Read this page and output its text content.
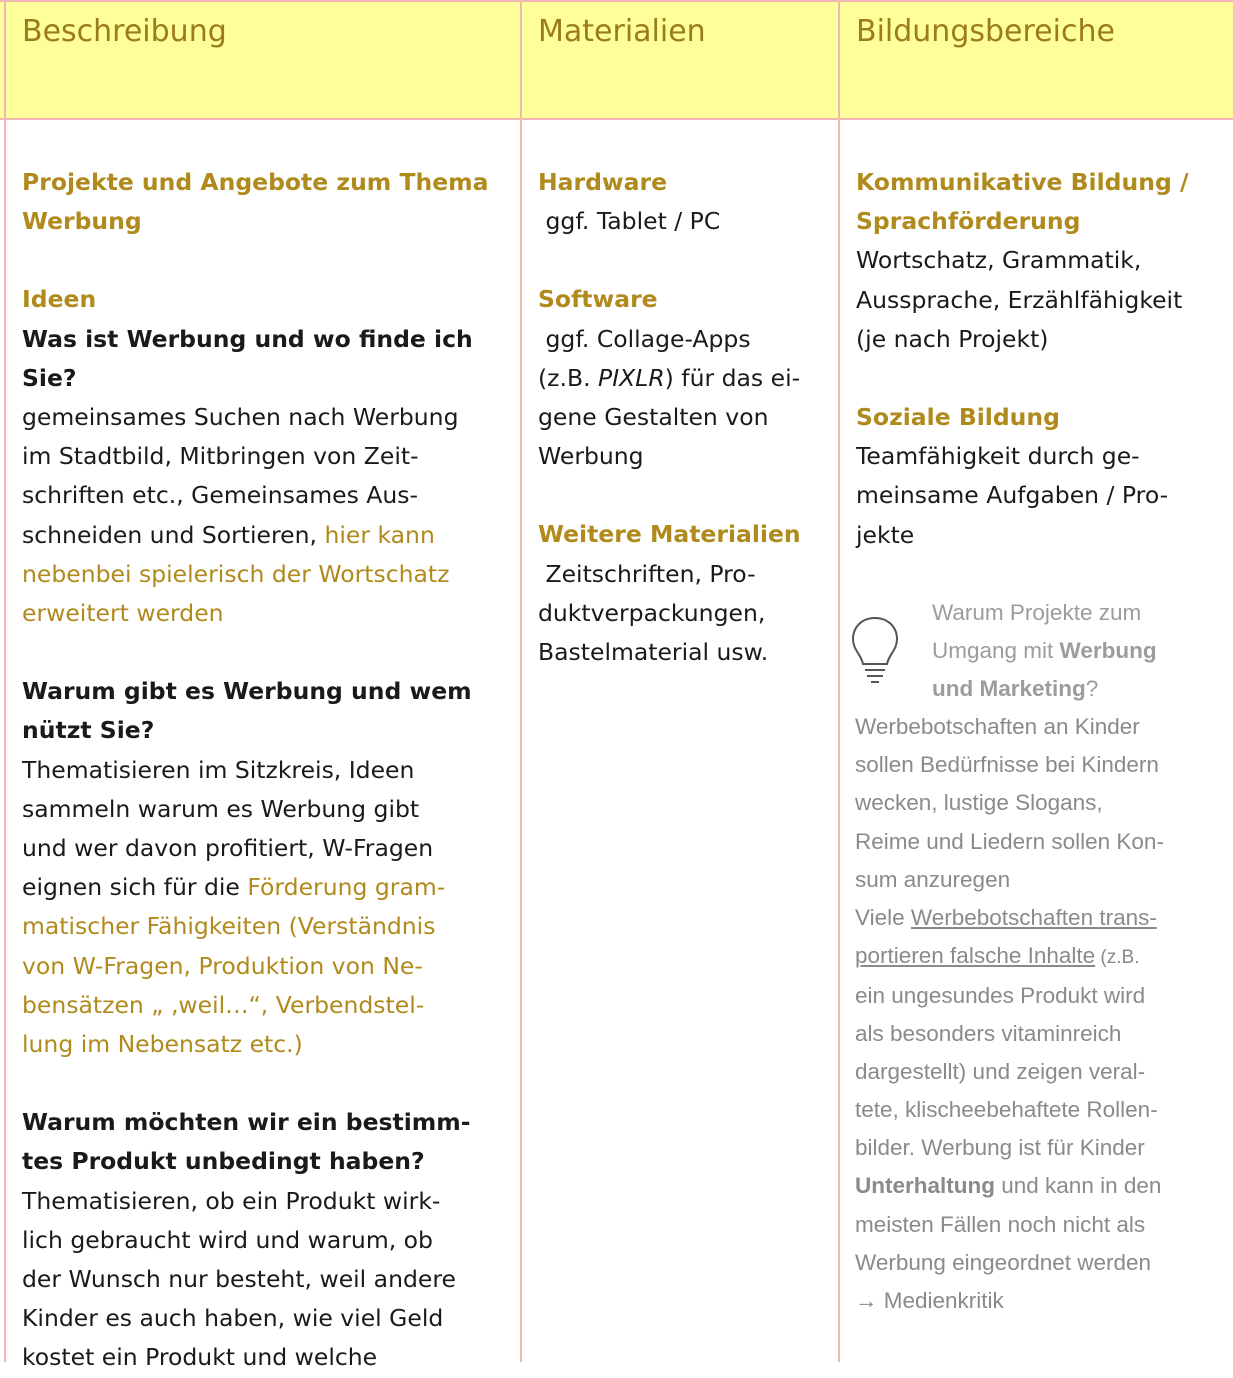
Beschreibung	Materialien	Bildungsbereiche
Projekte und Angebote zum Thema
Werbung
Ideen
Was ist Werbung und wo finde ich
Sie?
gemeinsames Suchen nach Werbung
im Stadtbild, Mitbringen von Zeit-
schriften etc., Gemeinsames Aus-
schneiden und Sortieren, hier kann
nebenbei spielerisch der Wortschatz
erweitert werden
Warum gibt es Werbung und wem
nützt Sie?
Thematisieren im Sitzkreis, Ideen
sammeln warum es Werbung gibt
und wer davon profitiert, W-Fragen
eignen sich für die Förderung gram-
matischer Fähigkeiten (Verständnis
von W-Fragen, Produktion von Ne-
bensätzen „ ‚weil…“, Verbendstel-
lung im Nebensatz etc.)
Warum möchten wir ein bestimm-
tes Produkt unbedingt haben?
Thematisieren, ob ein Produkt wirk-
lich gebraucht wird und warum, ob
der Wunsch nur besteht, weil andere
Kinder es auch haben, wie viel Geld
kostet ein Produkt und welche
Hardware
ggf. Tablet / PC
Software
ggf. Collage-Apps
(z.B. PIXLR) für das ei-
gene Gestalten von
Werbung
Weitere Materialien
Zeitschriften, Pro-
duktverpackungen,
Bastelmaterial usw.
Kommunikative Bildung /
Sprachförderung
Wortschatz, Grammatik,
Aussprache, Erzählfähigkeit
(je nach Projekt)
Soziale Bildung
Teamfähigkeit durch ge-
meinsame Aufgaben / Pro-
jekte
Warum Projekte zum
Umgang mit Werbung
und Marketing?
Werbebotschaften an Kinder
sollen Bedürfnisse bei Kindern
wecken, lustige Slogans,
Reime und Liedern sollen Kon-
sum anzuregen
Viele Werbebotschaften trans-
portieren falsche Inhalte (z.B.
ein ungesundes Produkt wird
als besonders vitaminreich
dargestellt) und zeigen veral-
tete, klischeebehaftete Rollen-
bilder. Werbung ist für Kinder
Unterhaltung und kann in den
meisten Fällen noch nicht als
Werbung eingeordnet werden
→ Medienkritik
